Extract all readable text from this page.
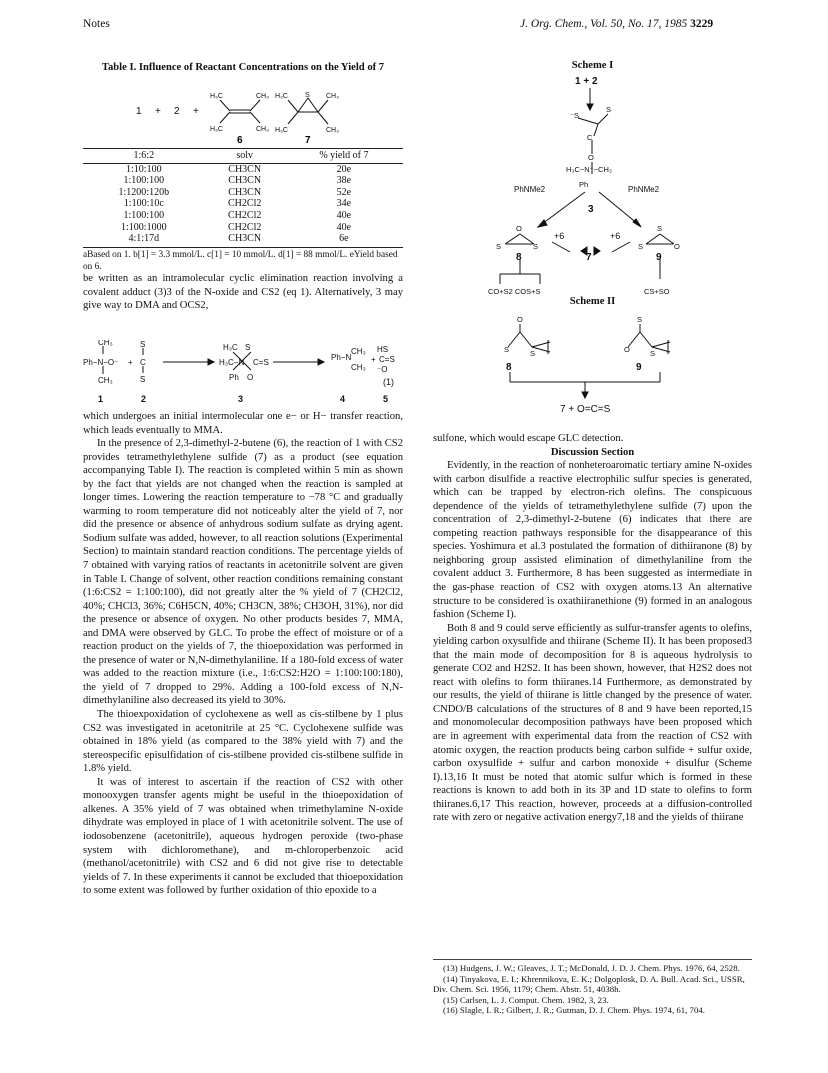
Notes	J. Org. Chem., Vol. 50, No. 17, 1985 3229
Table I. Influence of Reactant Concentrations on the Yield of 7
1 + 2 +
H₃C	CH₃
H₃C	CH₃
6
S
H₃C	CH₃
H₃C	CH₃
7
1:6:2	solv	% yield of 7
1:10:100	CH3CN	20e
1:100:100	CH3CN	38e
1:1200:120b	CH3CN	52e
1:100:10c	CH2Cl2	34e
1:100:100	CH2Cl2	40e
1:100:1000	CH2Cl2	40e
4:1:17d	CH3CN	6e
aBased on 1. b[1] = 3.3 mmol/L. c[1] = 10 mmol/L. d[1] = 88 mmol/L. eYield based on 6.

be written as an intramolecular cyclic elimination reaction involving a covalent adduct (3)3 of the N-oxide and CS2 (eq 1). Alternatively, 3 may give way to DMA and OCS2,

CH₃
Ph−N−O⁻
CH₃
+
S
C
S
H₃C S
H₃C−N C=S
Ph O
Ph−N
CH₃
CH₃
+
HS
C=S
⁻O
(1)
1	2	3	4	5

which undergoes an initial intermolecular one e− or H− transfer reaction, which leads eventually to MMA.

In the presence of 2,3-dimethyl-2-butene (6), the reaction of 1 with CS2 provides tetramethylethylene sulfide (7) as a product (see equation accompanying Table I). The reaction is completed within 5 min as shown by the fact that yields are not changed when the reaction is sampled at longer times. Lowering the reaction temperature to −78 °C and gradually warming to room temperature did not noticeably alter the yield of 7, nor did the presence or absence of anhydrous sodium sulfate as drying agent. Sodium sulfate was added, however, to all reaction solutions (Experimental Section) to maintain standard reaction conditions. The percentage yields of 7 obtained with varying ratios of reactants in acetonitrile solvent are given in Table I. Change of solvent, other reaction conditions remaining constant (1:6:CS2 = 1:100:100), did not greatly alter the % yield of 7 (CH2Cl2, 40%; CHCl3, 36%; C6H5CN, 40%; CH3CN, 38%; CH3OH, 31%), nor did the presence or absence of oxygen. No other products besides 7, MMA, and DMA were observed by GLC. To probe the effect of moisture or of a reaction product on the yields of 7, the thioepoxidation was performed in the presence of water or N,N-dimethylaniline. If a 180-fold excess of water was added to the reaction mixture (i.e., 1:6:CS2:H2O = 1:100:100:180), the yield of 7 dropped to 29%. Adding a 100-fold excess of N,N-dimethylaniline also decreased its yield to 30%.

The thioexpoxidation of cyclohexene as well as cis-stilbene by 1 plus CS2 was investigated in acetonitrile at 25 °C. Cyclohexene sulfide was obtained in 18% yield (as compared to the 38% yield with 7) and the stereospecific episulfidation of cis-stilbene provided cis-stilbene sulfide in 1.8% yield.

It was of interest to ascertain if the reaction of CS2 with other monooxygen transfer agents might be useful in the thioepoxidation of alkenes. A 35% yield of 7 was obtained when trimethylamine N-oxide dihydrate was employed in place of 1 with acetonitrile solvent. The use of iodosobenzene (acetonitrile), aqueous hydrogen peroxide (two-phase system with dichloromethane), and m-chloroperbenzoic acid (methanol/acetonitrile) with CS2 and 6 did not give rise to detectable yields of 7. In these experiments it cannot be excluded that thioepoxidation to some extent was followed by further oxidation of thio epoxide to a

Scheme I
1 + 2
⁻S
S
C
O
H₃C−N⁺−CH₃
Ph
O	S
S	S	S	O
PhNMe2	PhNMe2
3
+6	+6
8	7	9
CO+S2 COS+S	CS+SO
Scheme II
O
S	S
S
O	S
8	9
7 + O=C=S

sulfone, which would escape GLC detection.

Discussion Section

Evidently, in the reaction of nonheteroaromatic tertiary amine N-oxides with carbon disulfide a reactive electrophilic sulfur species is generated, which can be trapped by electron-rich olefins. The conspicuous dependence of the yields of tetramethylethylene sulfide (7) upon the concentration of 2,3-dimethyl-2-butene (6) indicates that there are competing reaction pathways responsible for the disappearance of this species. Yoshimura et al.3 postulated the formation of dithiiranone (8) by neighboring group assisted elimination of dimethylaniline from the covalent adduct 3. Furthermore, 8 has been suggested as intermediate in the gas-phase reaction of CS2 with oxygen atoms.13 An alternative structure to be considered is oxathiiranethione (9) formed in an analogous fashion (Scheme I).

Both 8 and 9 could serve efficiently as sulfur-transfer agents to olefins, yielding carbon oxysulfide and thiirane (Scheme II). It has been proposed3 that the main mode of decomposition for 8 is aqueous hydrolysis to generate CO2 and H2S2. It has been shown, however, that H2S2 does not react with olefins to form thiiranes.14 Furthermore, as demonstrated by our results, the yield of thiirane is little changed by the presence of water. CNDO/B calculations of the structures of 8 and 9 have been reported,15 and monomolecular decomposition pathways have been proposed which are in agreement with experimental data from the reaction of CS2 with atomic oxygen, the reaction products being carbon sulfide + sulfur oxide, carbon oxysulfide + sulfur and carbon monoxide + disulfur (Scheme I).13,16 It must be noted that atomic sulfur which is formed in these reactions is known to add both in its 3P and 1D state to olefins to form thiiranes.6,17 This reaction, however, proceeds at a diffusion-controlled rate with zero or negative activation energy7,18 and the yields of thiirane

(13) Hudgens, J. W.; Gleaves, J. T.; McDonald, J. D. J. Chem. Phys. 1976, 64, 2528.
(14) Tinyakova, E. I.; Khrennikova, E. K.; Dolgoplosk, D. A. Bull. Acad. Sci., USSR, Div. Chem. Sci. 1956, 1179; Chem. Abstr. 51, 4038h.
(15) Carlsen, L. J. Comput. Chem. 1982, 3, 23.
(16) Slagle, I. R.; Gilbert, J. R.; Gutman, D. J. Chem. Phys. 1974, 61, 704.
